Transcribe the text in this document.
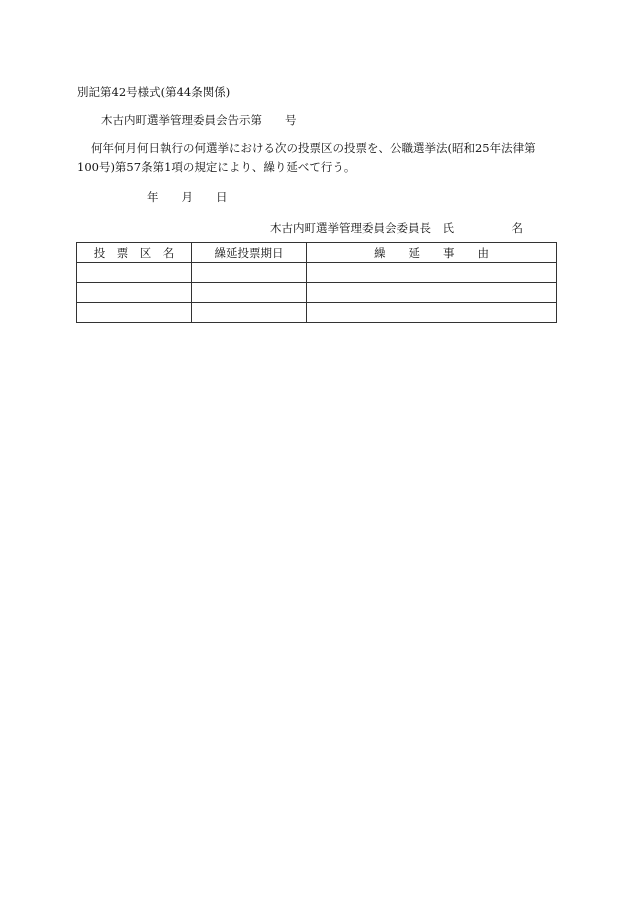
別記第42号様式(第44条関係)
木古内町選挙管理委員会告示第　　号
何年何月何日執行の何選挙における次の投票区の投票を、公職選挙法(昭和25年法律第
100号)第57条第1項の規定により、繰り延べて行う。
年　　月　　日
木古内町選挙管理委員会委員長　氏　　　　　名
投　票　区　名	繰延投票期日	繰　　延　　事　　由
